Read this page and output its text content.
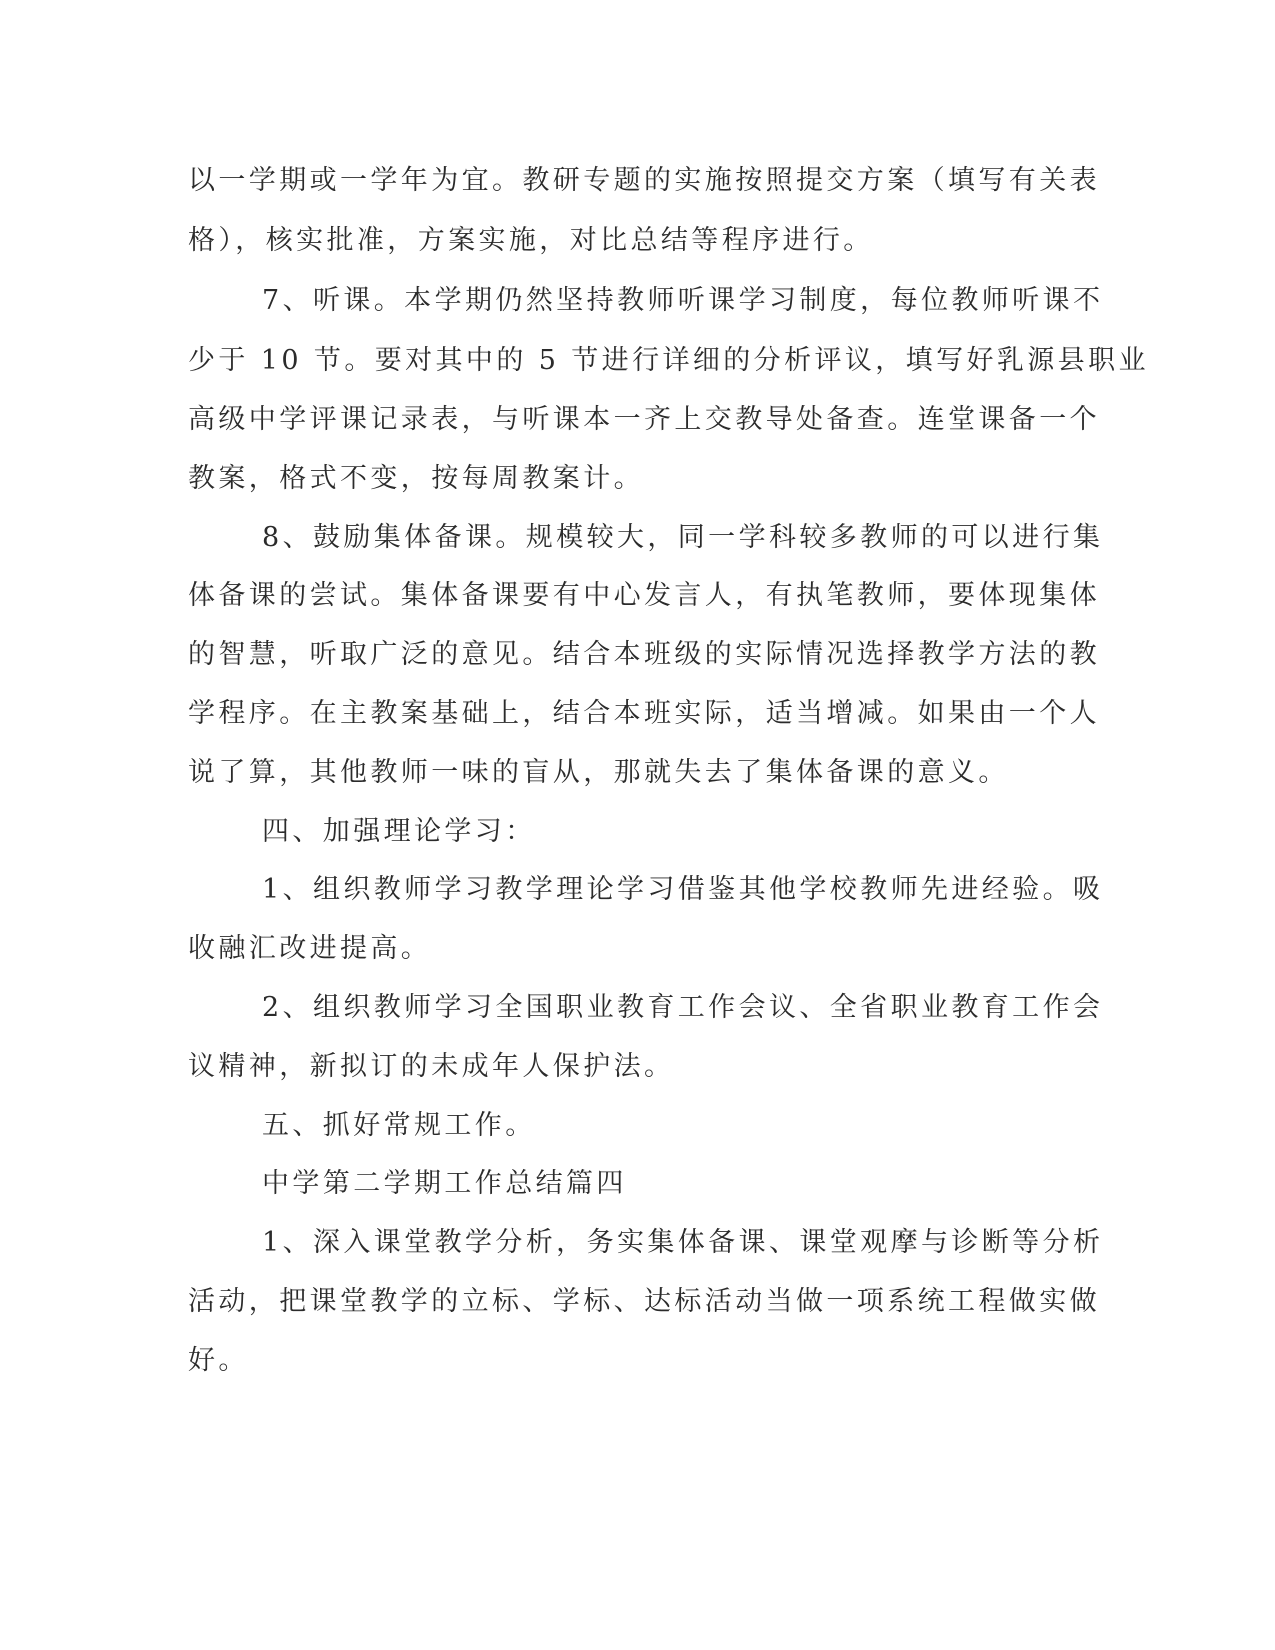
以一学期或一学年为宜。教研专题的实施按照提交方案（填写有关表
格），核实批准，方案实施，对比总结等程序进行。
7、听课。本学期仍然坚持教师听课学习制度，每位教师听课不
少于 10 节。要对其中的 5 节进行详细的分析评议，填写好乳源县职业
高级中学评课记录表，与听课本一齐上交教导处备查。连堂课备一个
教案，格式不变，按每周教案计。
8、鼓励集体备课。规模较大，同一学科较多教师的可以进行集
体备课的尝试。集体备课要有中心发言人，有执笔教师，要体现集体
的智慧，听取广泛的意见。结合本班级的实际情况选择教学方法的教
学程序。在主教案基础上，结合本班实际，适当增减。如果由一个人
说了算，其他教师一味的盲从，那就失去了集体备课的意义。
四、加强理论学习：
1、组织教师学习教学理论学习借鉴其他学校教师先进经验。吸
收融汇改进提高。
2、组织教师学习全国职业教育工作会议、全省职业教育工作会
议精神，新拟订的未成年人保护法。
五、抓好常规工作。
中学第二学期工作总结篇四
1、深入课堂教学分析，务实集体备课、课堂观摩与诊断等分析
活动，把课堂教学的立标、学标、达标活动当做一项系统工程做实做
好。
